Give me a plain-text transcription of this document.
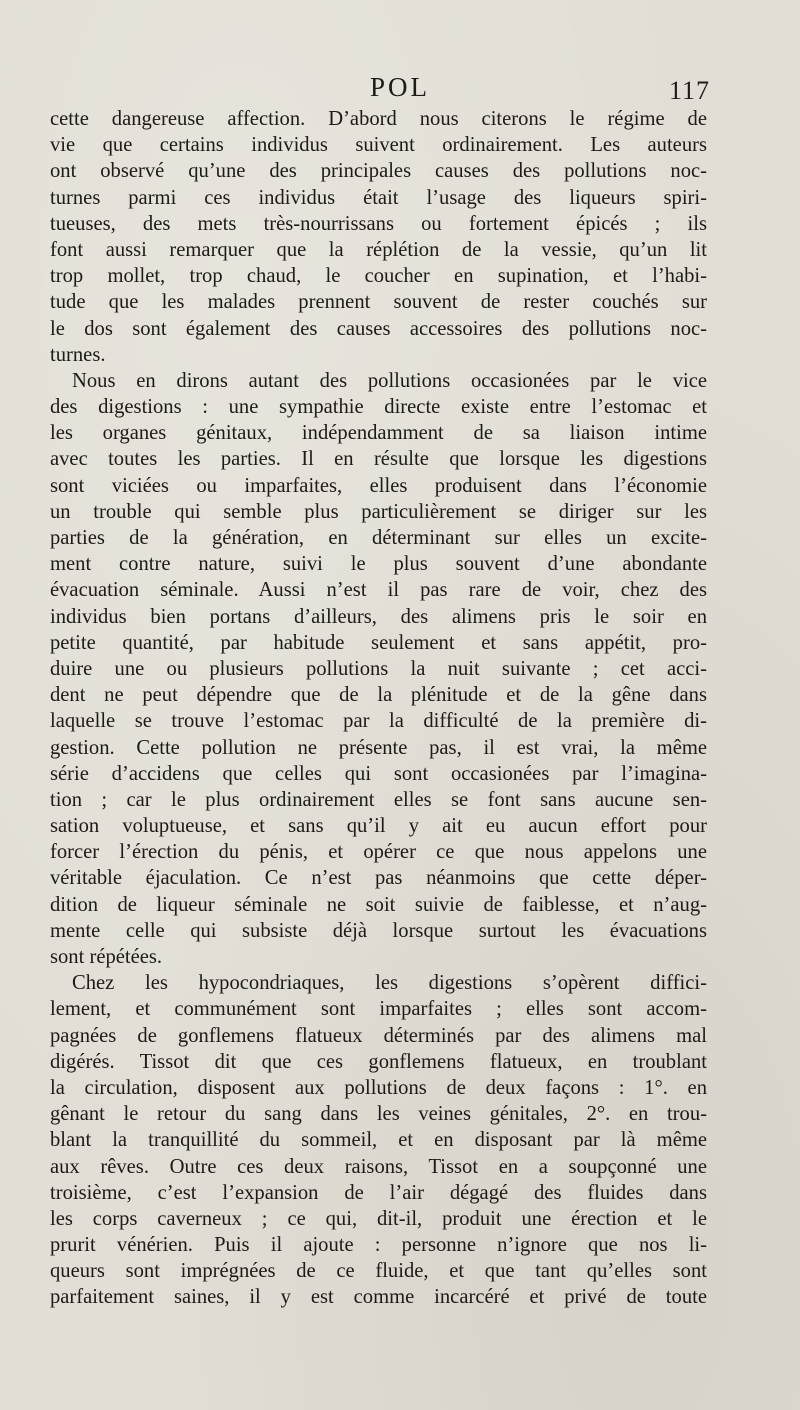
POL	117
cette dangereuse affection. D’abord nous citerons le régime de
vie que certains individus suivent ordinairement. Les auteurs
ont observé qu’une des principales causes des pollutions noc-
turnes parmi ces individus était l’usage des liqueurs spiri-
tueuses, des mets très-nourrissans ou fortement épicés ; ils
font aussi remarquer que la réplétion de la vessie, qu’un lit
trop mollet, trop chaud, le coucher en supination, et l’habi-
tude que les malades prennent souvent de rester couchés sur
le dos sont également des causes accessoires des pollutions noc-
turnes.
Nous en dirons autant des pollutions occasionées par le vice
des digestions : une sympathie directe existe entre l’estomac et
les organes génitaux, indépendamment de sa liaison intime
avec toutes les parties. Il en résulte que lorsque les digestions
sont viciées ou imparfaites, elles produisent dans l’économie
un trouble qui semble plus particulièrement se diriger sur les
parties de la génération, en déterminant sur elles un excite-
ment contre nature, suivi le plus souvent d’une abondante
évacuation séminale. Aussi n’est il pas rare de voir, chez des
individus bien portans d’ailleurs, des alimens pris le soir en
petite quantité, par habitude seulement et sans appétit, pro-
duire une ou plusieurs pollutions la nuit suivante ; cet acci-
dent ne peut dépendre que de la plénitude et de la gêne dans
laquelle se trouve l’estomac par la difficulté de la première di-
gestion. Cette pollution ne présente pas, il est vrai, la même
série d’accidens que celles qui sont occasionées par l’imagina-
tion ; car le plus ordinairement elles se font sans aucune sen-
sation voluptueuse, et sans qu’il y ait eu aucun effort pour
forcer l’érection du pénis, et opérer ce que nous appelons une
véritable éjaculation. Ce n’est pas néanmoins que cette déper-
dition de liqueur séminale ne soit suivie de faiblesse, et n’aug-
mente celle qui subsiste déjà lorsque surtout les évacuations
sont répétées.
Chez les hypocondriaques, les digestions s’opèrent diffici-
lement, et communément sont imparfaites ; elles sont accom-
pagnées de gonflemens flatueux déterminés par des alimens mal
digérés. Tissot dit que ces gonflemens flatueux, en troublant
la circulation, disposent aux pollutions de deux façons : 1°. en
gênant le retour du sang dans les veines génitales, 2°. en trou-
blant la tranquillité du sommeil, et en disposant par là même
aux rêves. Outre ces deux raisons, Tissot en a soupçonné une
troisième, c’est l’expansion de l’air dégagé des fluides dans
les corps caverneux ; ce qui, dit-il, produit une érection et le
prurit vénérien. Puis il ajoute : personne n’ignore que nos li-
queurs sont imprégnées de ce fluide, et que tant qu’elles sont
parfaitement saines, il y est comme incarcéré et privé de toute
